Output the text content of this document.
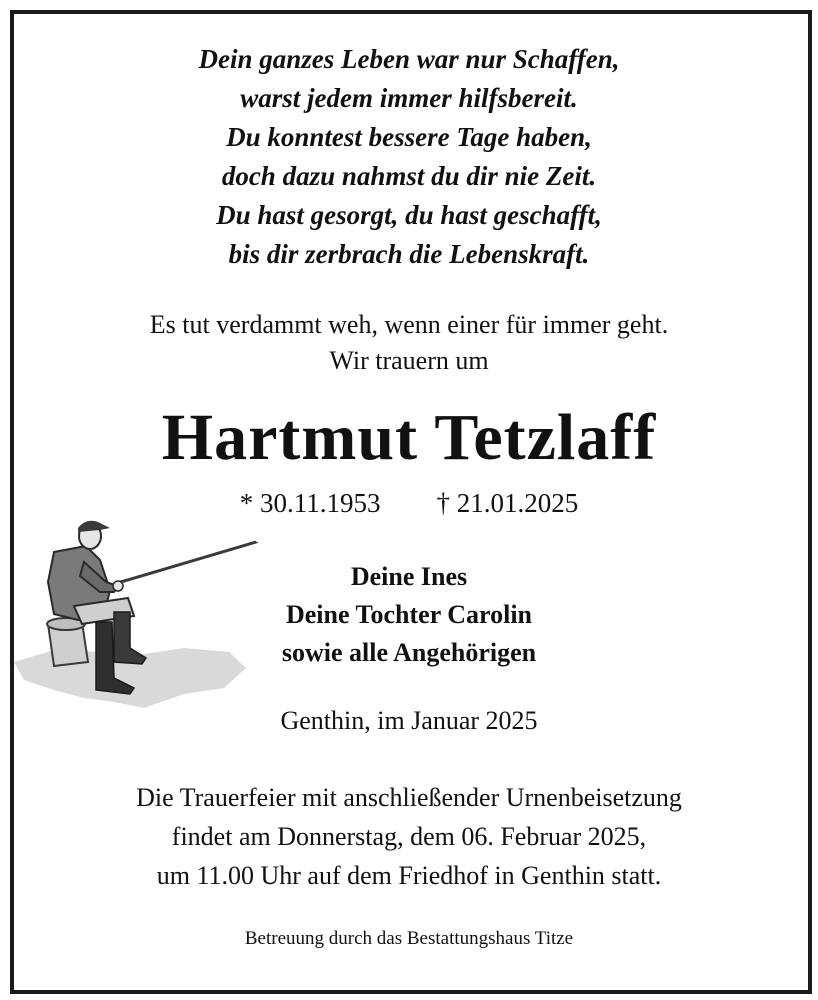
Dein ganzes Leben war nur Schaffen,
warst jedem immer hilfsbereit.
Du konntest bessere Tage haben,
doch dazu nahmst du dir nie Zeit.
Du hast gesorgt, du hast geschafft,
bis dir zerbrach die Lebenskraft.
Es tut verdammt weh, wenn einer für immer geht.
Wir trauern um
Hartmut Tetzlaff
* 30.11.1953 † 21.01.2025
Deine Ines
Deine Tochter Carolin
sowie alle Angehörigen
Genthin, im Januar 2025
Die Trauerfeier mit anschließender Urnenbeisetzung
findet am Donnerstag, dem 06. Februar 2025,
um 11.00 Uhr auf dem Friedhof in Genthin statt.
Betreuung durch das Bestattungshaus Titze
